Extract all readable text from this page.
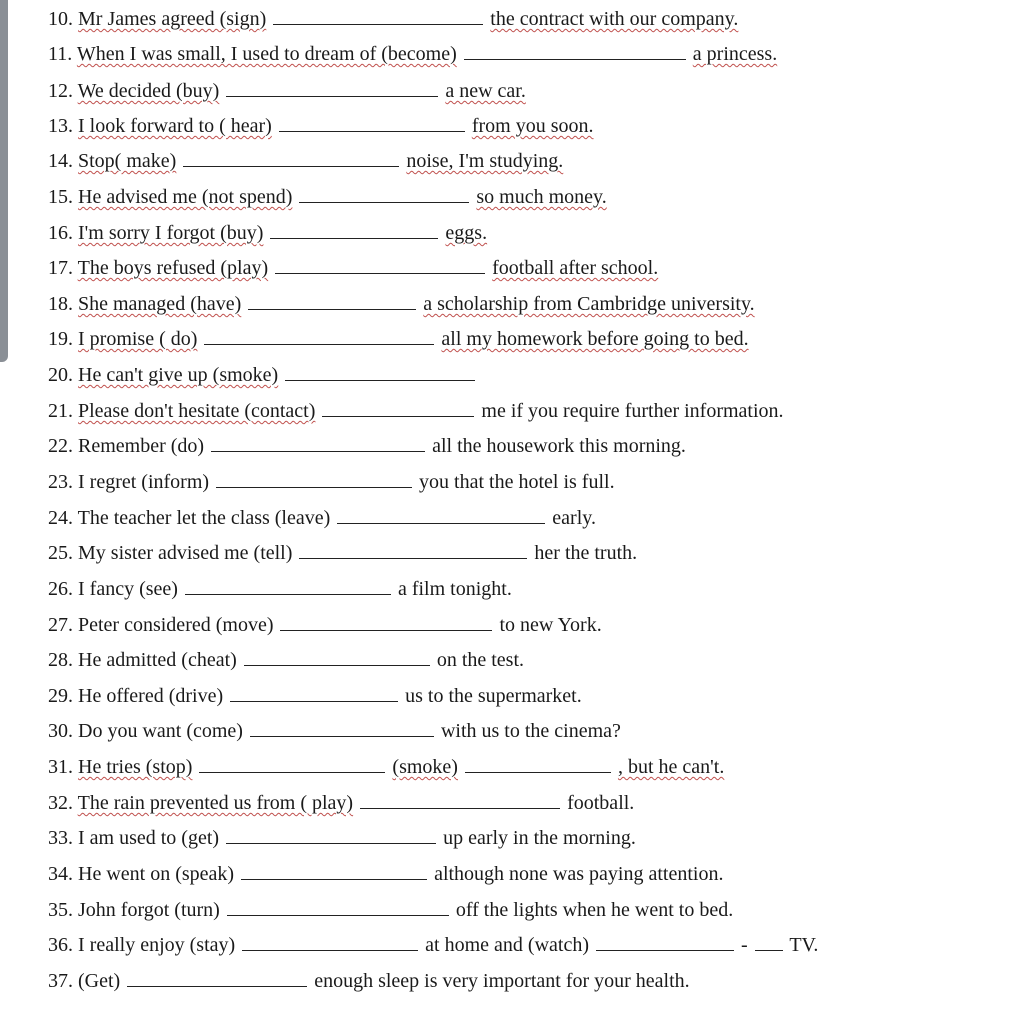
10. Mr James agreed (sign)	the contract with our company.
11. When I was small, I used to dream of (become)	a princess.
12. We decided (buy)	a new car.
13. I look forward to ( hear)	from you soon.
14. Stop( make)	noise, I'm studying.
15. He advised me (not spend)	so much money.
16. I'm sorry I forgot (buy)	eggs.
17. The boys refused (play)	football after school.
18. She managed (have)	a scholarship from Cambridge university.
19. I promise ( do)	all my homework before going to bed.
20. He can't give up (smoke)
21. Please don't hesitate (contact)	me if you require further information.
22. Remember (do)	all the housework this morning.
23. I regret (inform)	you that the hotel is full.
24. The teacher let the class (leave)	early.
25. My sister advised me (tell)	her the truth.
26. I fancy (see)	a film tonight.
27. Peter considered (move)	to new York.
28. He admitted (cheat)	on the test.
29. He offered (drive)	us to the supermarket.
30. Do you want (come)	with us to the cinema?
31. He tries (stop)	(smoke)	, but he can't.
32. The rain prevented us from ( play)	football.
33. I am used to (get)	up early in the morning.
34. He went on (speak)	although none was paying attention.
35. John forgot (turn)	off the lights when he went to bed.
36. I really enjoy (stay)	at home and (watch)	- TV.
37. (Get)	enough sleep is very important for your health.
